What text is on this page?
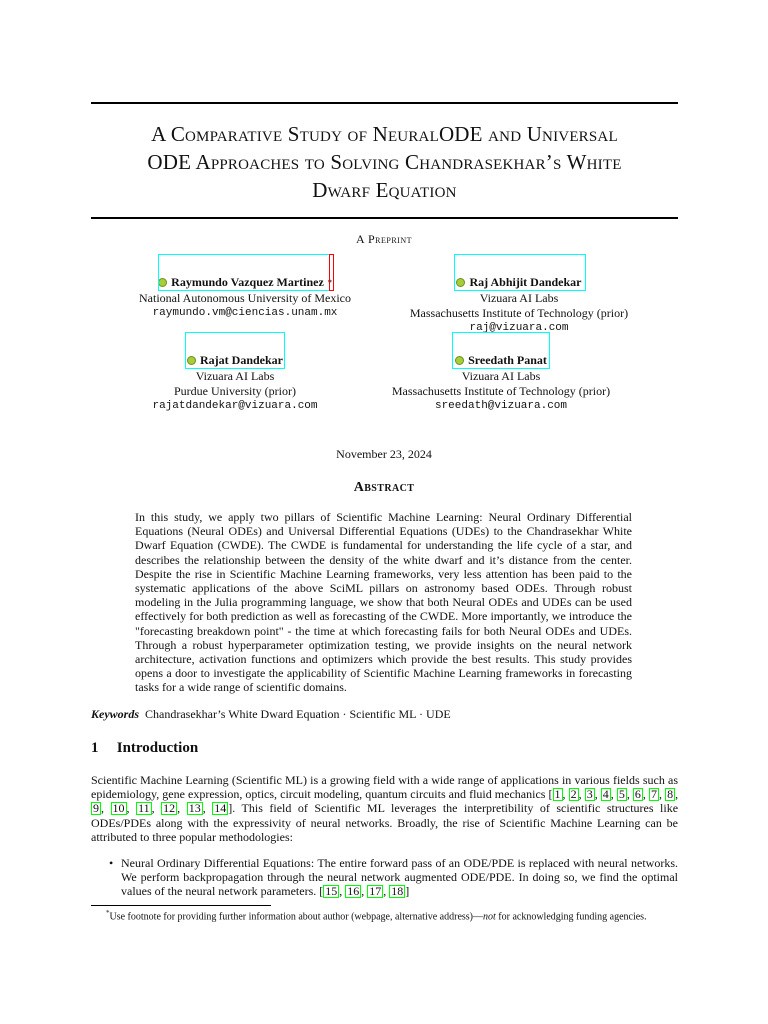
A Comparative Study of NeuralODE and Universal
ODE Approaches to Solving Chandrasekhar’s White
Dwarf Equation
A Preprint
Raymundo Vazquez Martinez *
National Autonomous University of Mexico
raymundo.vm@ciencias.unam.mx
Raj Abhijit Dandekar
Vizuara AI Labs
Massachusetts Institute of Technology (prior)
raj@vizuara.com
Rajat Dandekar
Vizuara AI Labs
Purdue University (prior)
rajatdandekar@vizuara.com
Sreedath Panat
Vizuara AI Labs
Massachusetts Institute of Technology (prior)
sreedath@vizuara.com
November 23, 2024
Abstract

In this study, we apply two pillars of Scientific Machine Learning: Neural Ordinary Differential Equations (Neural ODEs) and Universal Differential Equations (UDEs) to the Chandrasekhar White Dwarf Equation (CWDE). The CWDE is fundamental for understanding the life cycle of a star, and describes the relationship between the density of the white dwarf and it’s distance from the center. Despite the rise in Scientific Machine Learning frameworks, very less attention has been paid to the systematic applications of the above SciML pillars on astronomy based ODEs. Through robust modeling in the Julia programming language, we show that both Neural ODEs and UDEs can be used effectively for both prediction as well as forecasting of the CWDE. More importantly, we introduce the "forecasting breakdown point" - the time at which forecasting fails for both Neural ODEs and UDEs. Through a robust hyperparameter optimization testing, we provide insights on the neural network architecture, activation functions and optimizers which provide the best results. This study provides opens a door to investigate the applicability of Scientific Machine Learning frameworks in forecasting tasks for a wide range of scientific domains.

Keywords Chandrasekhar’s White Dward Equation · Scientific ML · UDE
1 Introduction

Scientific Machine Learning (Scientific ML) is a growing field with a wide range of applications in various fields such as epidemiology, gene expression, optics, circuit modeling, quantum circuits and fluid mechanics [ 1 , 2 , 3 , 4 , 5 , 6 , 7 , 8 , 9 , 10 , 11 , 12 , 13 , 14 ]. This field of Scientific ML leverages the interpretibility of scientific structures like ODEs/PDEs along with the expressivity of neural networks. Broadly, the rise of Scientific Machine Learning can be attributed to three popular methodologies:

• Neural Ordinary Differential Equations: The entire forward pass of an ODE/PDE is replaced with neural networks. We perform backpropagation through the neural network augmented ODE/PDE. In doing so, we find the optimal values of the neural network parameters. [ 15 , 16 , 17 , 18 ]
*Use footnote for providing further information about author (webpage, alternative address)—not for acknowledging funding agencies.
